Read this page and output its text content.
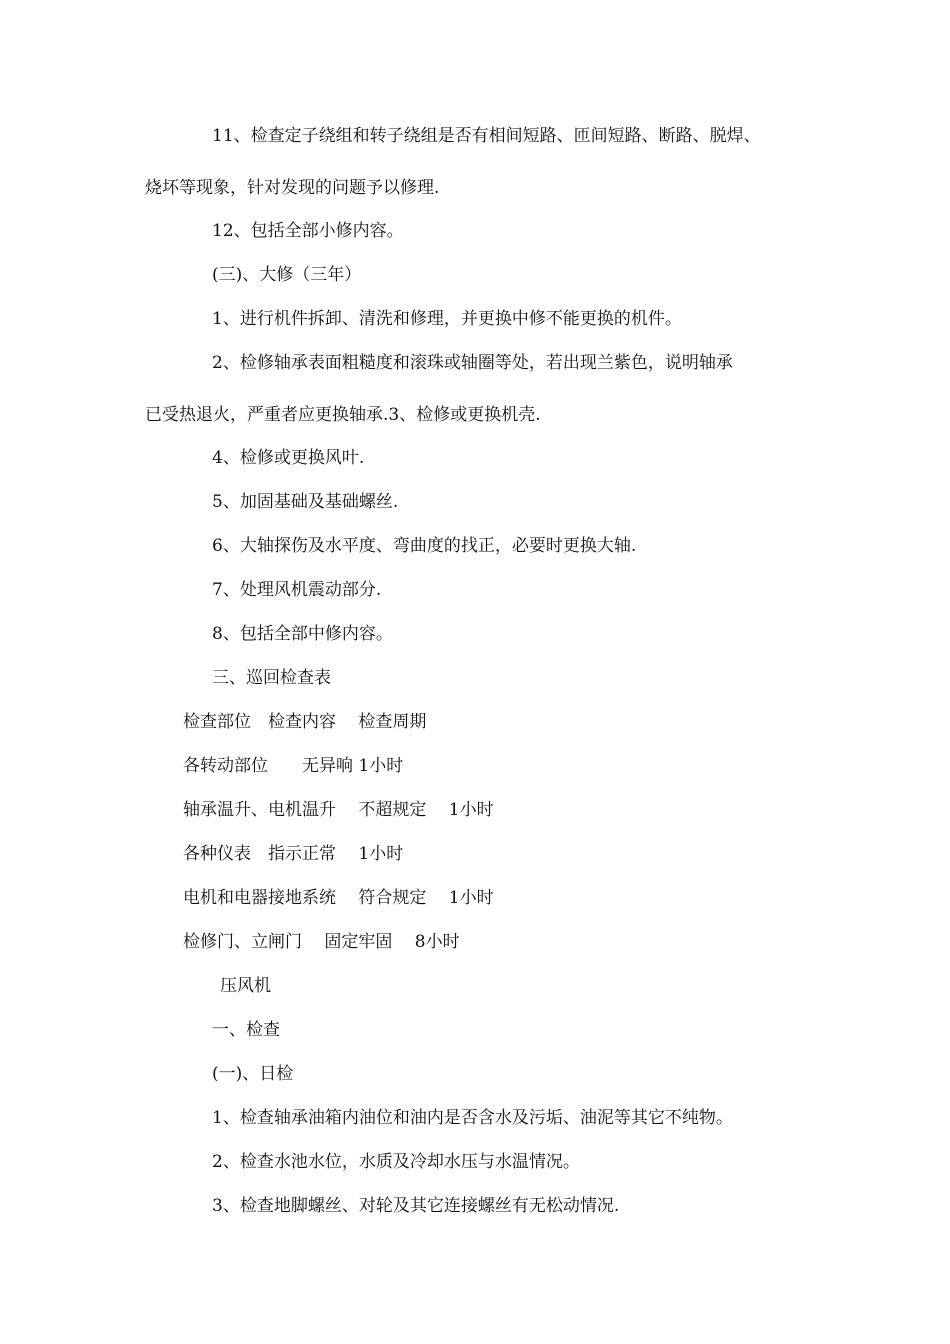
11、检查定子绕组和转子绕组是否有相间短路、匝间短路、断路、脱焊、
烧坏等现象，针对发现的问题予以修理.
12、包括全部小修内容。
(三)、大修（三年）
1、进行机件拆卸、清洗和修理，并更换中修不能更换的机件。
2、检修轴承表面粗糙度和滚珠或轴圈等处，若出现兰紫色，说明轴承
已受热退火，严重者应更换轴承.3、检修或更换机壳.
4、检修或更换风叶.
5、加固基础及基础螺丝.
6、大轴探伤及水平度、弯曲度的找正，必要时更换大轴.
7、处理风机震动部分.
8、包括全部中修内容。
三、巡回检查表
检查部位　检查内容　 检查周期
各转动部位　　无异响 1小时
轴承温升、电机温升　 不超规定　 1小时
各种仪表　指示正常　 1小时
电机和电器接地系统　 符合规定　 1小时
检修门、立闸门　 固定牢固　 8小时
压风机
一、检查
(一)、日检
1、检查轴承油箱内油位和油内是否含水及污垢、油泥等其它不纯物。
2、检查水池水位，水质及冷却水压与水温情况。
3、检查地脚螺丝、对轮及其它连接螺丝有无松动情况.
